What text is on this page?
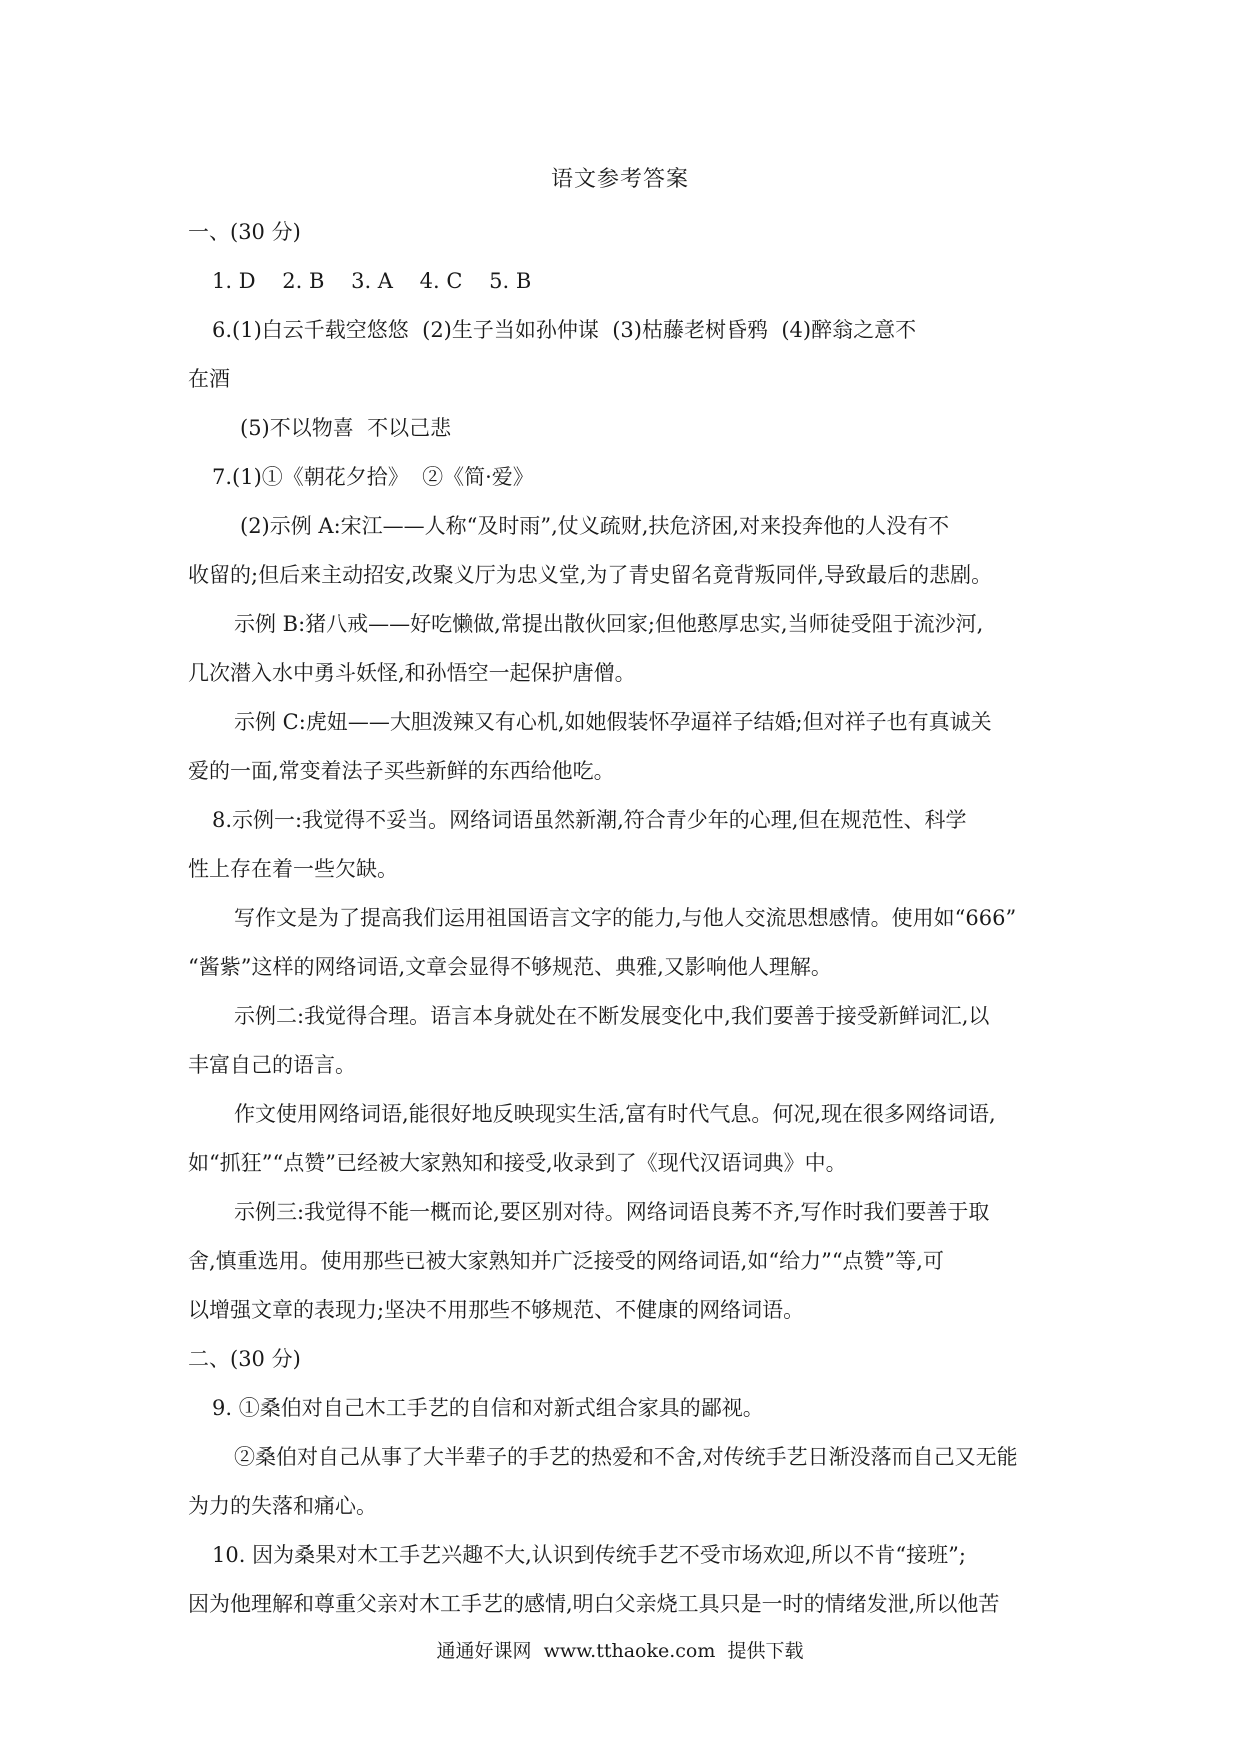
语文参考答案
一、(30 分)
1. D    2. B    3. A    4. C    5. B
6.(1)白云千载空悠悠  (2)生子当如孙仲谋  (3)枯藤老树昏鸦  (4)醉翁之意不
在酒
(5)不以物喜  不以己悲
7.(1)①《朝花夕拾》  ②《简·爱》
(2)示例 A:宋江——人称“及时雨”,仗义疏财,扶危济困,对来投奔他的人没有不
收留的;但后来主动招安,改聚义厅为忠义堂,为了青史留名竟背叛同伴,导致最后的悲剧。
示例 B:猪八戒——好吃懒做,常提出散伙回家;但他憨厚忠实,当师徒受阻于流沙河,
几次潜入水中勇斗妖怪,和孙悟空一起保护唐僧。
示例 C:虎妞——大胆泼辣又有心机,如她假装怀孕逼祥子结婚;但对祥子也有真诚关
爱的一面,常变着法子买些新鲜的东西给他吃。
8.示例一:我觉得不妥当。网络词语虽然新潮,符合青少年的心理,但在规范性、科学
性上存在着一些欠缺。
写作文是为了提高我们运用祖国语言文字的能力,与他人交流思想感情。使用如“666”
“酱紫”这样的网络词语,文章会显得不够规范、典雅,又影响他人理解。
示例二:我觉得合理。语言本身就处在不断发展变化中,我们要善于接受新鲜词汇,以
丰富自己的语言。
作文使用网络词语,能很好地反映现实生活,富有时代气息。何况,现在很多网络词语,
如“抓狂”“点赞”已经被大家熟知和接受,收录到了《现代汉语词典》中。
示例三:我觉得不能一概而论,要区别对待。网络词语良莠不齐,写作时我们要善于取
舍,慎重选用。使用那些已被大家熟知并广泛接受的网络词语,如“给力”“点赞”等,可
以增强文章的表现力;坚决不用那些不够规范、不健康的网络词语。
二、(30 分)
9. ①桑伯对自己木工手艺的自信和对新式组合家具的鄙视。
②桑伯对自己从事了大半辈子的手艺的热爱和不舍,对传统手艺日渐没落而自己又无能
为力的失落和痛心。
10. 因为桑果对木工手艺兴趣不大,认识到传统手艺不受市场欢迎,所以不肯“接班”;
因为他理解和尊重父亲对木工手艺的感情,明白父亲烧工具只是一时的情绪发泄,所以他苦
通通好课网  www.tthaoke.com  提供下载
